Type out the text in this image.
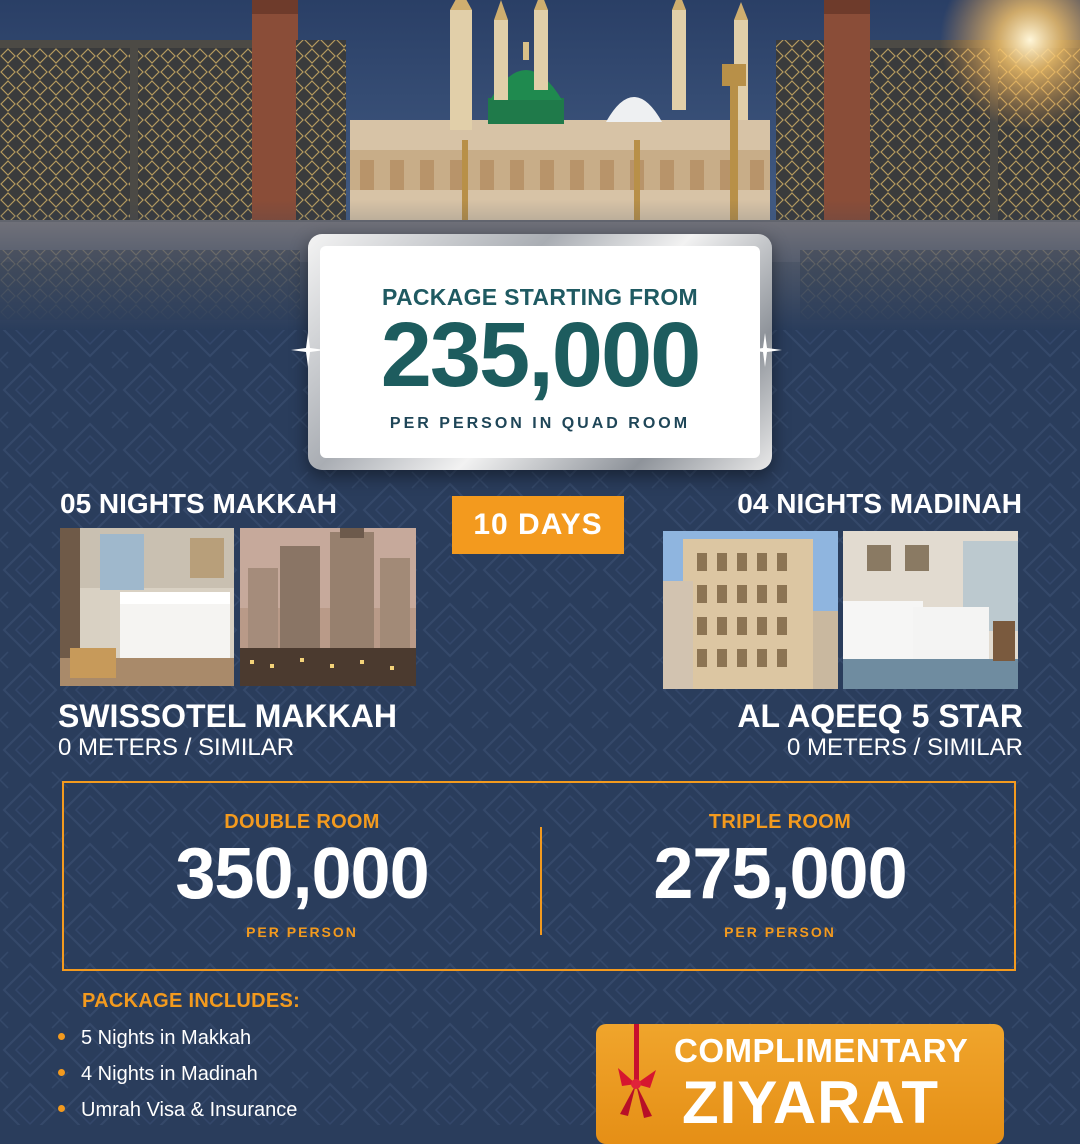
PACKAGE STARTING FROM
235,000
PER PERSON IN QUAD ROOM
05 NIGHTS MAKKAH	04 NIGHTS MADINAH
10 DAYS
SWISSOTEL MAKKAH
0 METERS / SIMILAR
AL AQEEQ 5 STAR
0 METERS / SIMILAR
DOUBLE ROOM
350,000
PER PERSON
TRIPLE ROOM
275,000
PER PERSON
PACKAGE INCLUDES:
5 Nights in Makkah
4 Nights in Madinah
Umrah Visa & Insurance
COMPLIMENTARY
ZIYARAT
